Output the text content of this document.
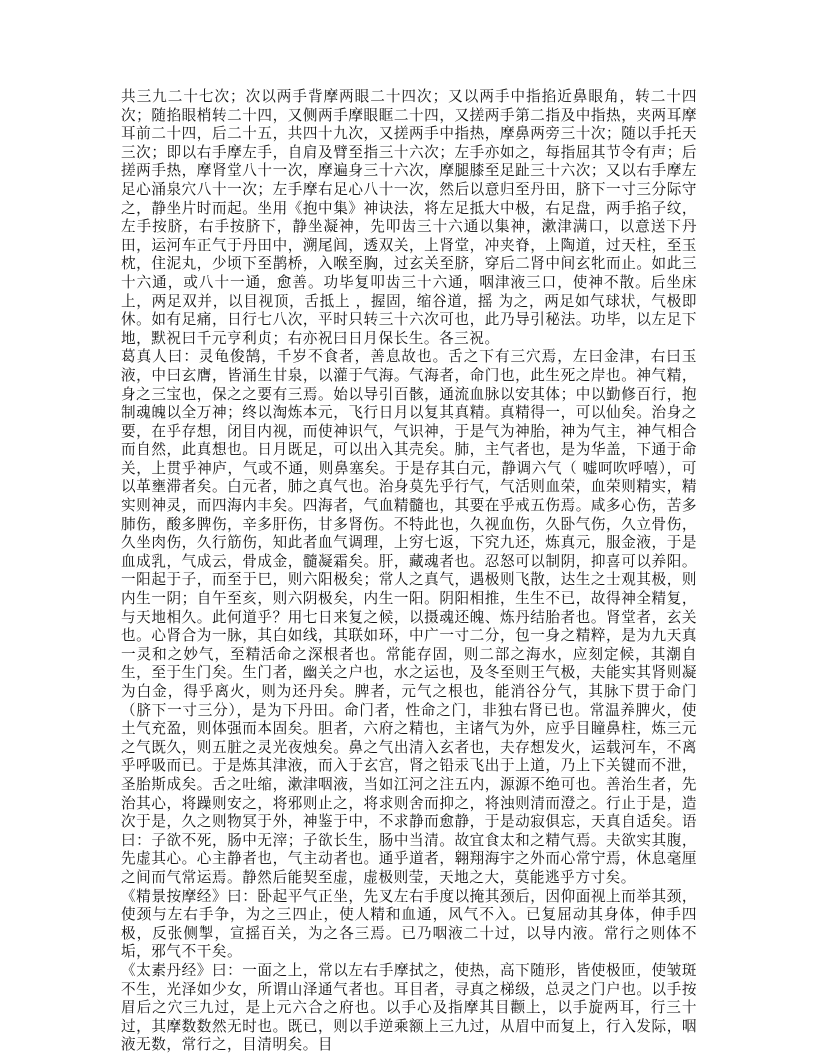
共三九二十七次；次以两手背摩两眼二十四次；又以两手中指掐近鼻眼角，转二十四次；随掐眼梢转二十四，又侧两手摩眼眶二十四，又搓两手第二指及中指热，夹两耳摩耳前二十四，后二十五，共四十九次，又搓两手中指热，摩鼻两旁三十次；随以手托天三次；即以右手摩左手，自肩及臂至指三十六次；左手亦如之，每指屈其节令有声；后搓两手热，摩肾堂八十一次，摩遍身三十六次，摩腿膝至足趾三十六次；又以右手摩左足心涌泉穴八十一次；左手摩右足心八十一次，然后以意归至丹田，脐下一寸三分际守之，静坐片时而起。坐用《抱中集》神诀法，将左足抵大中极，右足盘，两手掐子纹，左手按脐，右手按脐下，静坐凝神，先叩齿三十六通以集神，漱津满口，以意送下丹田，运河车正气于丹田中，溯尾闾，透双关，上肾堂，冲夹脊，上陶道，过天柱，至玉枕，住泥丸，少顷下至鹊桥，入喉至胸，过玄关至脐，穿后二肾中间玄牝而止。如此三十六通，或八十一通，愈善。功毕复叩齿三十六通，咽津液三口，使神不散。后坐床上，两足双并，以目视顶，舌抵上 ，握固，缩谷道，摇 为之，两足如气球状，气极即休。如有足痛，日行七八次，平时只转三十六次可也，此乃导引秘法。功毕，以左足下地，默祝曰千元亨利贞；右亦祝曰日月保长生。各三祝。

葛真人曰：灵龟俊鹄，千岁不食者，善息故也。舌之下有三穴焉，左曰金津，右曰玉液，中曰玄膺，皆涌生甘泉，以灌于气海。气海者，命门也，此生死之岸也。神气精，身之三宝也，保之之要有三焉。始以导引百骸，通流血脉以安其体；中以勤修百行，抱制魂魄以全万神；终以淘炼本元，飞行日月以复其真精。真精得一，可以仙矣。治身之要，在乎存想，闭目内视，而使神识气，气识神，于是气为神胎，神为气主，神气相合而自然，此真想也。日月既足，可以出入其壳矣。肺，主气者也，是为华盖，下通于命关，上贯乎神庐，气或不通，则鼻塞矣。于是存其白元，静调六气（ 嘘呵吹呼嘻），可以革壅滞者矣。白元者，肺之真气也。治身莫先乎行气，气活则血荣，血荣则精实，精实则神灵，而四海内丰矣。四海者，气血精髓也，其要在乎戒五伤焉。咸多心伤，苦多肺伤，酸多脾伤，辛多肝伤，甘多肾伤。不特此也，久视血伤，久卧气伤，久立骨伤，久坐肉伤，久行筋伤，知此者血气调理，上穷七返，下究九还，炼真元，服金液，于是血成乳，气成云，骨成金，髓凝霜矣。肝，藏魂者也。忍怒可以制阴，抑喜可以养阳。一阳起于子，而至于巳，则六阳极矣；常人之真气，遇极则飞散，达生之士观其极，则内生一阴；自午至亥，则六阴极矣，内生一阳。阴阳相推，生生不已，故得神全精复，与天地相久。此何道乎？用七日来复之候，以摄魂还魄、炼丹结胎者也。肾堂者，玄关也。心肾合为一脉，其白如线，其联如环，中广一寸二分，包一身之精粹，是为九天真一灵和之妙气，至精活命之深根者也。常能存固，则二部之海水，应刻定候，其潮自生，至于生门矣。生门者，幽关之户也，水之运也，及冬至则王气极，夫能实其肾则凝为白金，得乎离火，则为还丹矣。脾者，元气之根也，能消谷分气，其脉下贯于命门（脐下一寸三分），是为下丹田。命门者，性命之门，非独右肾已也。常温养脾火，使土气充盈，则体强而本固矣。胆者，六府之精也，主诸气为外，应乎目瞳鼻柱，炼三元之气既久，则五脏之灵光夜烛矣。鼻之气出清入玄者也，夫存想发火，运载河车，不离乎呼吸而已。于是炼其津液，而入于玄宫，肾之铅汞飞出于上道，乃上下关键而不泄，圣胎斯成矣。舌之吐缩，漱津咽液，当如江河之注五内，源源不绝可也。善治生者，先治其心，将躁则安之，将邪则止之，将求则舍而抑之，将浊则清而澄之。行止于是，造次于是，久之则物冥于外，神鉴于中，不求静而愈静，于是动寂俱忘，天真自适矣。语曰：子欲不死，肠中无滓；子欲长生，肠中当清。故宜食太和之精气焉。夫欲实其腹，先虚其心。心主静者也，气主动者也。通乎道者，翱翔海宇之外而心常宁焉，休息毫厘之间而气常运焉。静然后能契至虚，虚极则莹，天地之大，莫能逃乎方寸矣。

《精景按摩经》曰：卧起平气正坐，先叉左右手度以掩其颈后，因仰面视上而举其颈，使颈与左右手争，为之三四止，使人精和血通，风气不入。已复屈动其身体，伸手四极，反张侧掣，宣摇百关，为之各三焉。已乃咽液二十过，以导内液。常行之则体不垢，邪气不干矣。

《太素丹经》曰：一面之上，常以左右手摩拭之，使热，高下随形，皆使极匝，使皱斑不生，光泽如少女，所谓山泽通气者也。耳目者，寻真之梯级，总灵之门户也。以手按眉后之穴三九过，是上元六合之府也。以手心及指摩其目颧上，以手旋两耳，行三十过，其摩数数然无时也。既已，则以手逆乘额上三九过，从眉中而复上，行入发际，咽液无数，常行之，目清明矣。目
